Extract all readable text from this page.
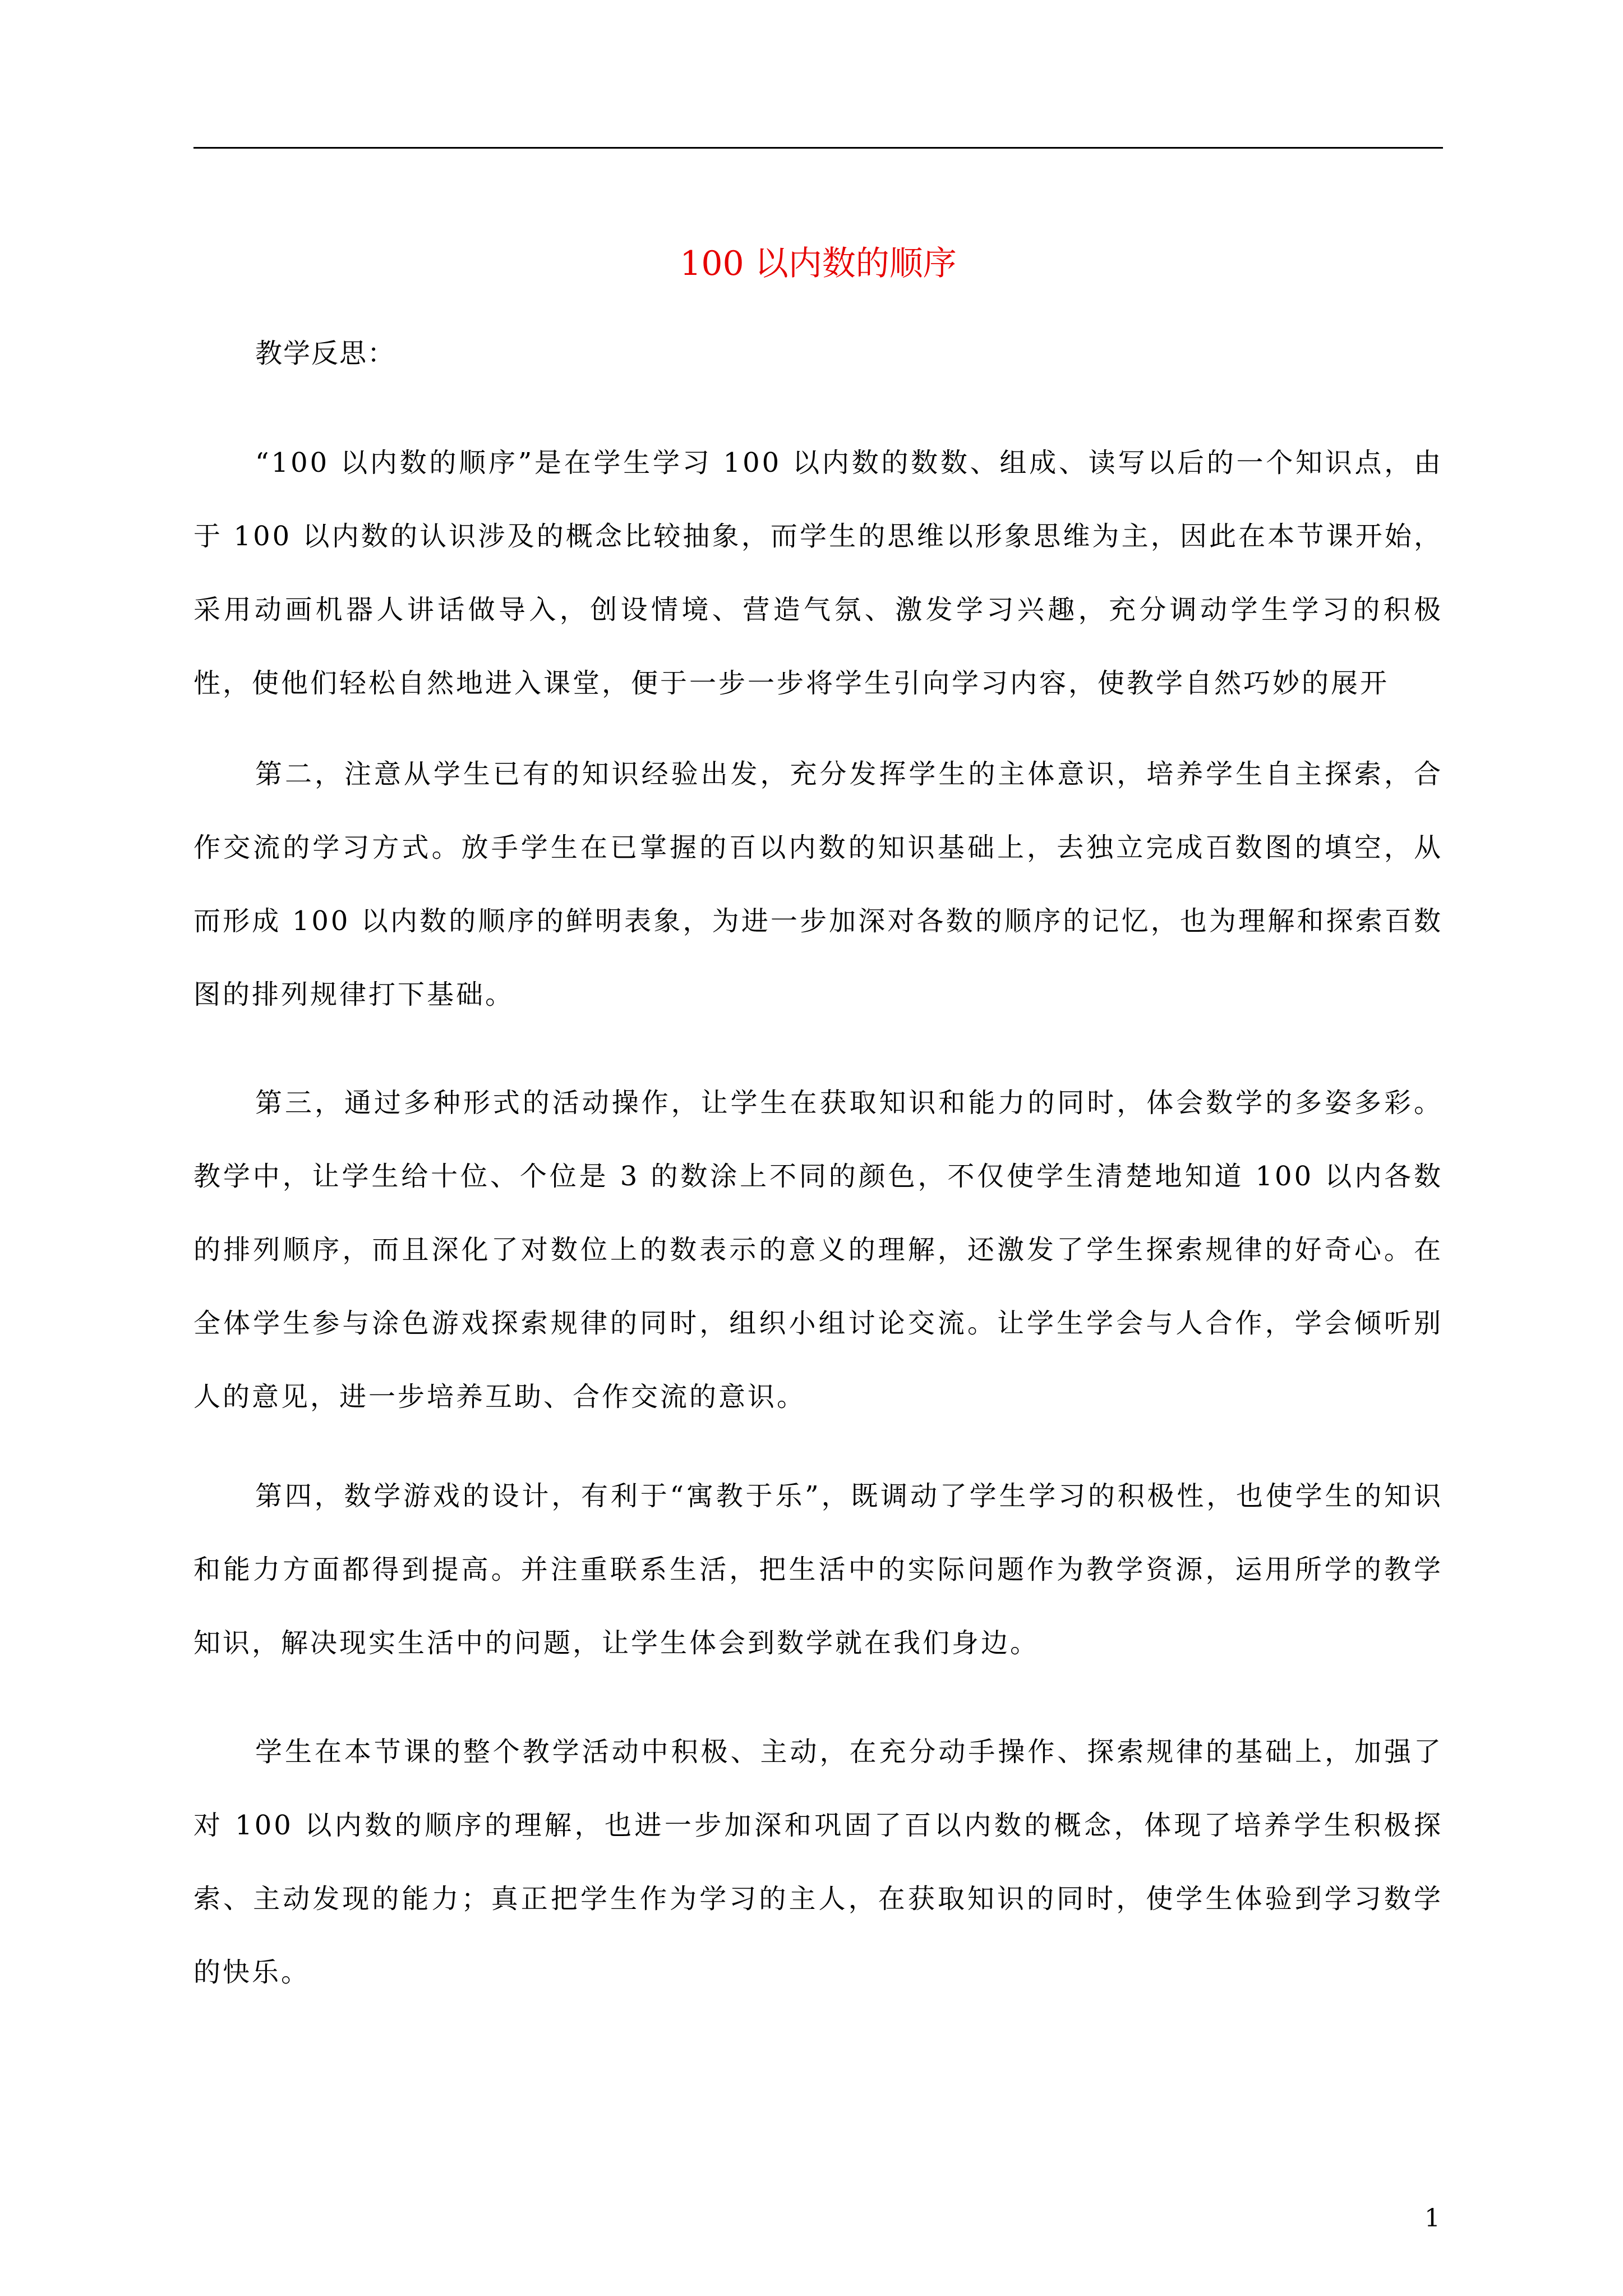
100 以内数的顺序
教学反思：

“100 以内数的顺序”是在学生学习 100 以内数的数数、组成、读写以后的一个知识点，由于 100 以内数的认识涉及的概念比较抽象，而学生的思维以形象思维为主，因此在本节课开始，采用动画机器人讲话做导入，创设情境、营造气氛、激发学习兴趣，充分调动学生学习的积极性，使他们轻松自然地进入课堂，便于一步一步将学生引向学习内容，使教学自然巧妙的展开

第二，注意从学生已有的知识经验出发，充分发挥学生的主体意识，培养学生自主探索，合作交流的学习方式。放手学生在已掌握的百以内数的知识基础上，去独立完成百数图的填空，从而形成 100 以内数的顺序的鲜明表象，为进一步加深对各数的顺序的记忆，也为理解和探索百数图的排列规律打下基础。

第三，通过多种形式的活动操作，让学生在获取知识和能力的同时，体会数学的多姿多彩。教学中，让学生给十位、个位是 3 的数涂上不同的颜色，不仅使学生清楚地知道 100 以内各数的排列顺序，而且深化了对数位上的数表示的意义的理解，还激发了学生探索规律的好奇心。在全体学生参与涂色游戏探索规律的同时，组织小组讨论交流。让学生学会与人合作，学会倾听别人的意见，进一步培养互助、合作交流的意识。

第四，数学游戏的设计，有利于“寓教于乐”，既调动了学生学习的积极性，也使学生的知识和能力方面都得到提高。并注重联系生活，把生活中的实际问题作为教学资源，运用所学的教学知识，解决现实生活中的问题，让学生体会到数学就在我们身边。

学生在本节课的整个教学活动中积极、主动，在充分动手操作、探索规律的基础上，加强了对 100 以内数的顺序的理解，也进一步加深和巩固了百以内数的概念，体现了培养学生积极探索、主动发现的能力；真正把学生作为学习的主人，在获取知识的同时，使学生体验到学习数学的快乐。

1
